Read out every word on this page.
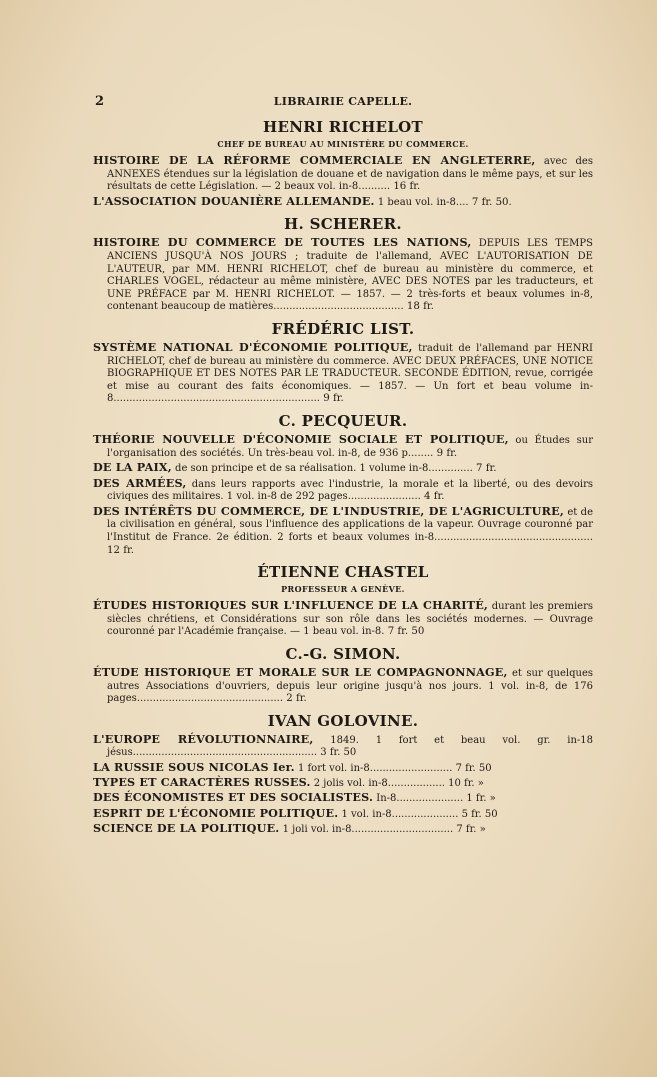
2	LIBRAIRIE CAPELLE.
HENRI RICHELOT
CHEF DE BUREAU AU MINISTÈRE DU COMMERCE.

HISTOIRE DE LA RÉFORME COMMERCIALE EN ANGLETERRE, avec des ANNEXES étendues sur la législation de douane et de navigation dans le même pays, et sur les résultats de cette Législation. — 2 beaux vol. in-8.......... 16 fr.

L'ASSOCIATION DOUANIÈRE ALLEMANDE. 1 beau vol. in-8.... 7 fr. 50.

H. SCHERER.

HISTOIRE DU COMMERCE DE TOUTES LES NATIONS, DEPUIS LES TEMPS ANCIENS JUSQU'À NOS JOURS ; traduite de l'allemand, AVEC L'AUTORISATION DE L'AUTEUR, par MM. HENRI RICHELOT, chef de bureau au ministère du commerce, et CHARLES VOGEL, rédacteur au même ministère, AVEC DES NOTES par les traducteurs, et UNE PRÉFACE par M. HENRI RICHELOT. — 1857. — 2 très-forts et beaux volumes in-8, contenant beaucoup de matières......................................... 18 fr.

FRÉDÉRIC LIST.

SYSTÈME NATIONAL D'ÉCONOMIE POLITIQUE, traduit de l'allemand par HENRI RICHELOT, chef de bureau au ministère du commerce. AVEC DEUX PRÉFACES, UNE NOTICE BIOGRAPHIQUE ET DES NOTES PAR LE TRADUCTEUR. SECONDE ÉDITION, revue, corrigée et mise au courant des faits économiques. — 1857. — Un fort et beau volume in-8................................................................. 9 fr.

C. PECQUEUR.

THÉORIE NOUVELLE D'ÉCONOMIE SOCIALE ET POLITIQUE, ou Études sur l'organisation des sociétés. Un très-beau vol. in-8, de 936 p........ 9 fr.

DE LA PAIX, de son principe et de sa réalisation. 1 volume in-8.............. 7 fr.

DES ARMÉES, dans leurs rapports avec l'industrie, la morale et la liberté, ou des devoirs civiques des militaires. 1 vol. in-8 de 292 pages....................... 4 fr.

DES INTÉRÊTS DU COMMERCE, DE L'INDUSTRIE, DE L'AGRICULTURE, et de la civilisation en général, sous l'influence des applications de la vapeur. Ouvrage couronné par l'Institut de France. 2e édition. 2 forts et beaux volumes in-8.................................................. 12 fr.

ÉTIENNE CHASTEL
PROFESSEUR A GENÈVE.

ÉTUDES HISTORIQUES SUR L'INFLUENCE DE LA CHARITÉ, durant les premiers siècles chrétiens, et Considérations sur son rôle dans les sociétés modernes. — Ouvrage couronné par l'Académie française. — 1 beau vol. in-8. 7 fr. 50

C.-G. SIMON.

ÉTUDE HISTORIQUE ET MORALE SUR LE COMPAGNONNAGE, et sur quelques autres Associations d'ouvriers, depuis leur origine jusqu'à nos jours. 1 vol. in-8, de 176 pages.............................................. 2 fr.

IVAN GOLOVINE.

L'EUROPE RÉVOLUTIONNAIRE, 1849. 1 fort et beau vol. gr. in-18 jésus.......................................................... 3 fr. 50

LA RUSSIE SOUS NICOLAS Ier. 1 fort vol. in-8.......................... 7 fr. 50

TYPES ET CARACTÈRES RUSSES. 2 jolis vol. in-8.................. 10 fr. »

DES ÉCONOMISTES ET DES SOCIALISTES. In-8..................... 1 fr. »

ESPRIT DE L'ÉCONOMIE POLITIQUE. 1 vol. in-8..................... 5 fr. 50

SCIENCE DE LA POLITIQUE. 1 joli vol. in-8................................ 7 fr. »
